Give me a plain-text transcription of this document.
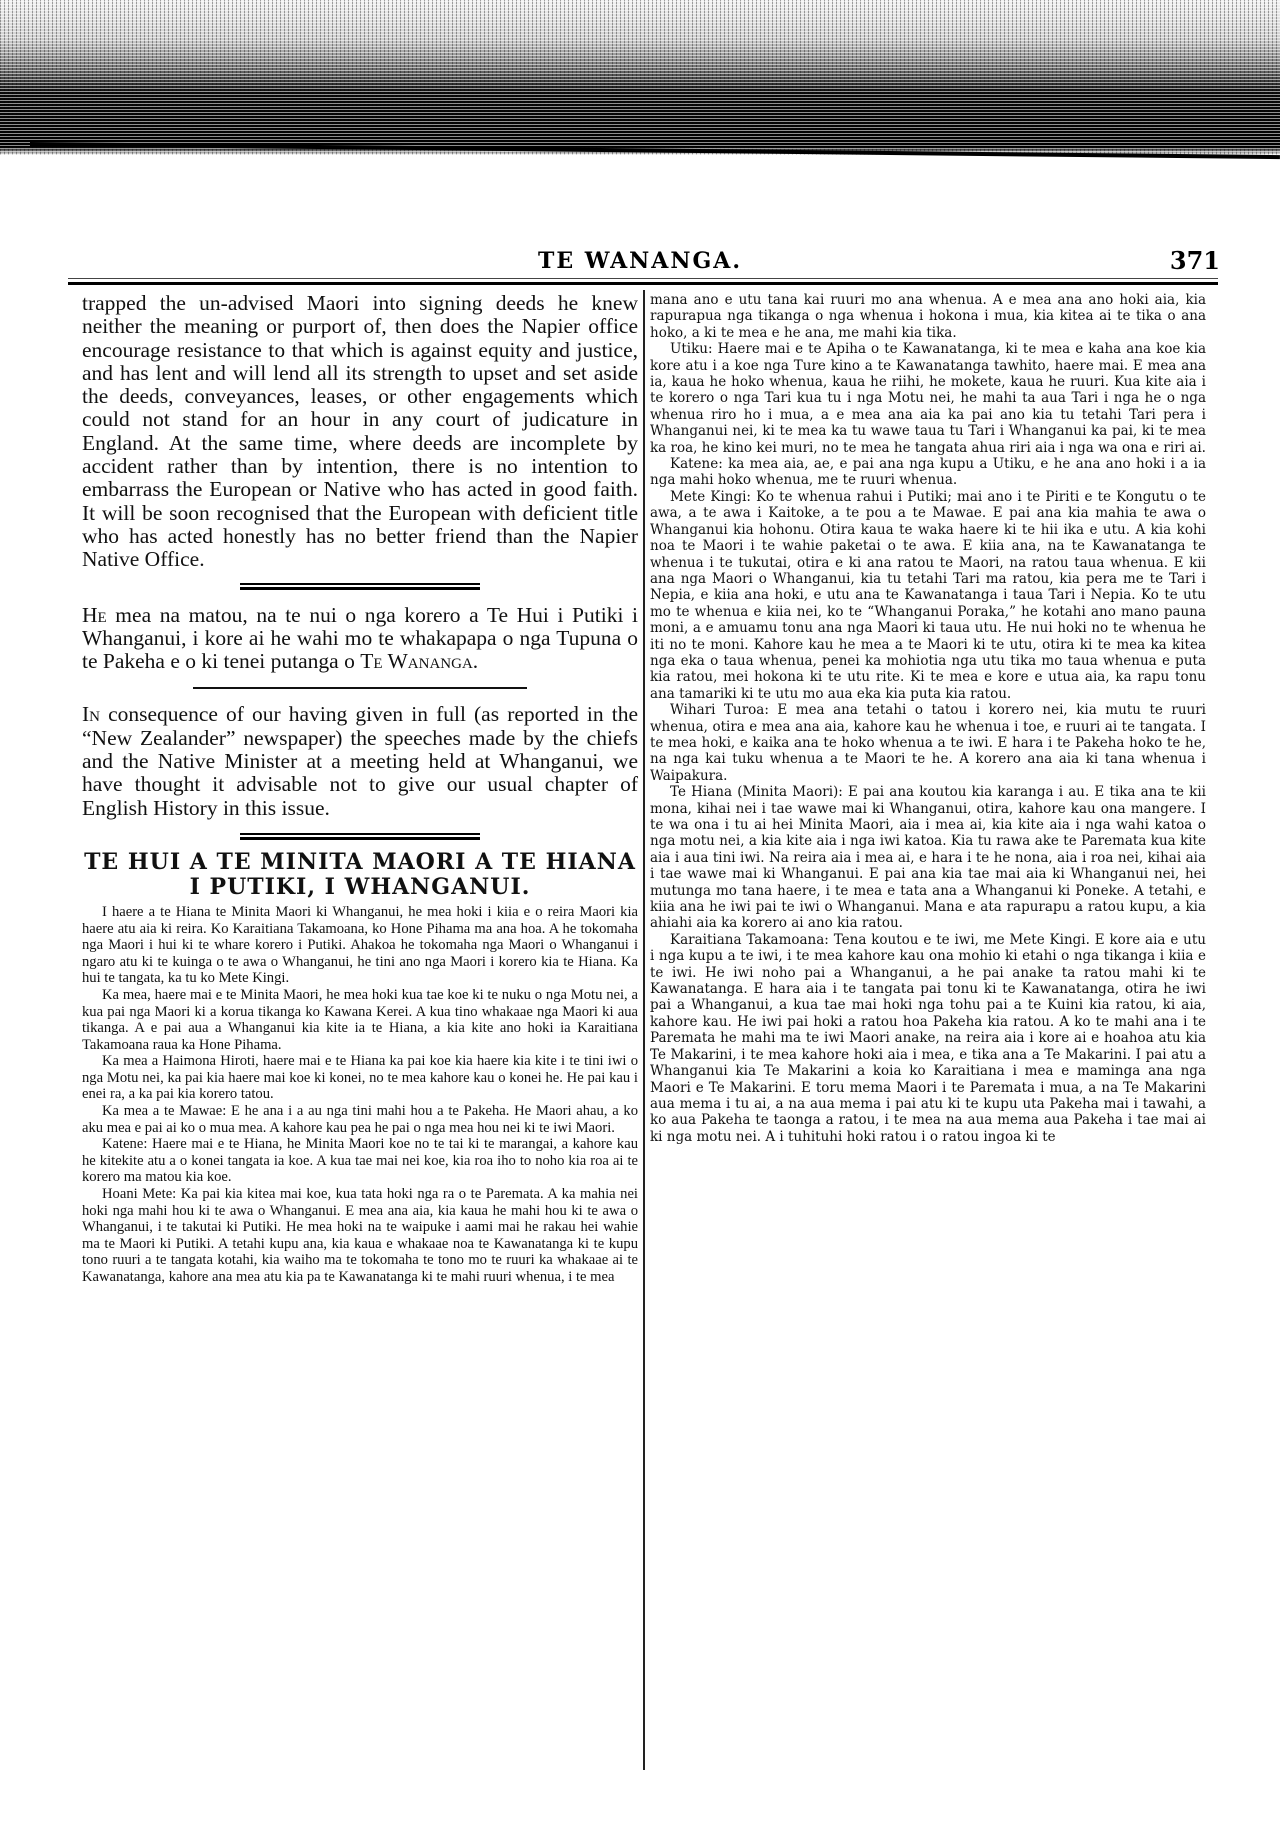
TE WANANGA.	371

trapped the un-advised Maori into signing deeds he knew neither the meaning or purport of, then does the Napier office encourage resistance to that which is against equity and justice, and has lent and will lend all its strength to upset and set aside the deeds, conveyances, leases, or other engagements which could not stand for an hour in any court of judicature in England. At the same time, where deeds are incomplete by accident rather than by intention, there is no intention to embarrass the European or Native who has acted in good faith. It will be soon recognised that the European with deficient title who has acted honestly has no better friend than the Napier Native Office.

He mea na matou, na te nui o nga korero a Te Hui i Putiki i Whanganui, i kore ai he wahi mo te whakapapa o nga Tupuna o te Pakeha e o ki tenei putanga o Te Wananga.

In consequence of our having given in full (as reported in the “New Zealander” newspaper) the speeches made by the chiefs and the Native Minister at a meeting held at Whanganui, we have thought it advisable not to give our usual chapter of English History in this issue.

TE HUI A TE MINITA MAORI A TE HIANA I PUTIKI, I WHANGANUI.

I haere a te Hiana te Minita Maori ki Whanganui, he mea hoki i kiia e o reira Maori kia haere atu aia ki reira. Ko Karaitiana Takamoana, ko Hone Pihama ma ana hoa. A he tokomaha nga Maori i hui ki te whare korero i Putiki. Ahakoa he tokomaha nga Maori o Whanganui i ngaro atu ki te kuinga o te awa o Whanganui, he tini ano nga Maori i korero kia te Hiana. Ka hui te tangata, ka tu ko Mete Kingi.

Ka mea, haere mai e te Minita Maori, he mea hoki kua tae koe ki te nuku o nga Motu nei, a kua pai nga Maori ki a korua tikanga ko Kawana Kerei. A kua tino whakaae nga Maori ki aua tikanga. A e pai aua a Whanganui kia kite ia te Hiana, a kia kite ano hoki ia Karaitiana Takamoana raua ka Hone Pihama.

Ka mea a Haimona Hiroti, haere mai e te Hiana ka pai koe kia haere kia kite i te tini iwi o nga Motu nei, ka pai kia haere mai koe ki konei, no te mea kahore kau o konei he. He pai kau i enei ra, a ka pai kia korero tatou.

Ka mea a te Mawae: E he ana i a au nga tini mahi hou a te Pakeha. He Maori ahau, a ko aku mea e pai ai ko o mua mea. A kahore kau pea he pai o nga mea hou nei ki te iwi Maori.

Katene: Haere mai e te Hiana, he Minita Maori koe no te tai ki te marangai, a kahore kau he kitekite atu a o konei tangata ia koe. A kua tae mai nei koe, kia roa iho to noho kia roa ai te korero ma matou kia koe.

Hoani Mete: Ka pai kia kitea mai koe, kua tata hoki nga ra o te Paremata. A ka mahia nei hoki nga mahi hou ki te awa o Whanganui. E mea ana aia, kia kaua he mahi hou ki te awa o Whanganui, i te takutai ki Putiki. He mea hoki na te waipuke i aami mai he rakau hei wahie ma te Maori ki Putiki. A tetahi kupu ana, kia kaua e whakaae noa te Kawanatanga ki te kupu tono ruuri a te tangata kotahi, kia waiho ma te tokomaha te tono mo te ruuri ka whakaae ai te Kawanatanga, kahore ana mea atu kia pa te Kawanatanga ki te mahi ruuri whenua, i te mea

mana ano e utu tana kai ruuri mo ana whenua. A e mea ana ano hoki aia, kia rapurapua nga tikanga o nga whenua i hokona i mua, kia kitea ai te tika o ana hoko, a ki te mea e he ana, me mahi kia tika.

Utiku: Haere mai e te Apiha o te Kawanatanga, ki te mea e kaha ana koe kia kore atu i a koe nga Ture kino a te Kawanatanga tawhito, haere mai. E mea ana ia, kaua he hoko whenua, kaua he riihi, he mokete, kaua he ruuri. Kua kite aia i te korero o nga Tari kua tu i nga Motu nei, he mahi ta aua Tari i nga he o nga whenua riro ho i mua, a e mea ana aia ka pai ano kia tu tetahi Tari pera i Whanganui nei, ki te mea ka tu wawe taua tu Tari i Whanganui ka pai, ki te mea ka roa, he kino kei muri, no te mea he tangata ahua riri aia i nga wa ona e riri ai.

Katene: ka mea aia, ae, e pai ana nga kupu a Utiku, e he ana ano hoki i a ia nga mahi hoko whenua, me te ruuri whenua.

Mete Kingi: Ko te whenua rahui i Putiki; mai ano i te Piriti e te Kongutu o te awa, a te awa i Kaitoke, a te pou a te Mawae. E pai ana kia mahia te awa o Whanganui kia hohonu. Otira kaua te waka haere ki te hii ika e utu. A kia kohi noa te Maori i te wahie paketai o te awa. E kiia ana, na te Kawanatanga te whenua i te tukutai, otira e ki ana ratou te Maori, na ratou taua whenua. E kii ana nga Maori o Whanganui, kia tu tetahi Tari ma ratou, kia pera me te Tari i Nepia, e kiia ana hoki, e utu ana te Kawanatanga i taua Tari i Nepia. Ko te utu mo te whenua e kiia nei, ko te “Whanganui Poraka,” he kotahi ano mano pauna moni, a e amuamu tonu ana nga Maori ki taua utu. He nui hoki no te whenua he iti no te moni. Kahore kau he mea a te Maori ki te utu, otira ki te mea ka kitea nga eka o taua whenua, penei ka mohiotia nga utu tika mo taua whenua e puta kia ratou, mei hokona ki te utu rite. Ki te mea e kore e utua aia, ka rapu tonu ana tamariki ki te utu mo aua eka kia puta kia ratou.

Wihari Turoa: E mea ana tetahi o tatou i korero nei, kia mutu te ruuri whenua, otira e mea ana aia, kahore kau he whenua i toe, e ruuri ai te tangata. I te mea hoki, e kaika ana te hoko whenua a te iwi. E hara i te Pakeha hoko te he, na nga kai tuku whenua a te Maori te he. A korero ana aia ki tana whenua i Waipakura.

Te Hiana (Minita Maori): E pai ana koutou kia karanga i au. E tika ana te kii mona, kihai nei i tae wawe mai ki Whanganui, otira, kahore kau ona mangere. I te wa ona i tu ai hei Minita Maori, aia i mea ai, kia kite aia i nga wahi katoa o nga motu nei, a kia kite aia i nga iwi katoa. Kia tu rawa ake te Paremata kua kite aia i aua tini iwi. Na reira aia i mea ai, e hara i te he nona, aia i roa nei, kihai aia i tae wawe mai ki Whanganui. E pai ana kia tae mai aia ki Whanganui nei, hei mutunga mo tana haere, i te mea e tata ana a Whanganui ki Poneke. A tetahi, e kiia ana he iwi pai te iwi o Whanganui. Mana e ata rapurapu a ratou kupu, a kia ahiahi aia ka korero ai ano kia ratou.

Karaitiana Takamoana: Tena koutou e te iwi, me Mete Kingi. E kore aia e utu i nga kupu a te iwi, i te mea kahore kau ona mohio ki etahi o nga tikanga i kiia e te iwi. He iwi noho pai a Whanganui, a he pai anake ta ratou mahi ki te Kawanatanga. E hara aia i te tangata pai tonu ki te Kawanatanga, otira he iwi pai a Whanganui, a kua tae mai hoki nga tohu pai a te Kuini kia ratou, ki aia, kahore kau. He iwi pai hoki a ratou hoa Pakeha kia ratou. A ko te mahi ana i te Paremata he mahi ma te iwi Maori anake, na reira aia i kore ai e hoahoa atu kia Te Makarini, i te mea kahore hoki aia i mea, e tika ana a Te Makarini. I pai atu a Whanganui kia Te Makarini a koia ko Karaitiana i mea e maminga ana nga Maori e Te Makarini. E toru mema Maori i te Paremata i mua, a na Te Makarini aua mema i tu ai, a na aua mema i pai atu ki te kupu uta Pakeha mai i tawahi, a ko aua Pakeha te taonga a ratou, i te mea na aua mema aua Pakeha i tae mai ai ki nga motu nei. A i tuhituhi hoki ratou i o ratou ingoa ki te
